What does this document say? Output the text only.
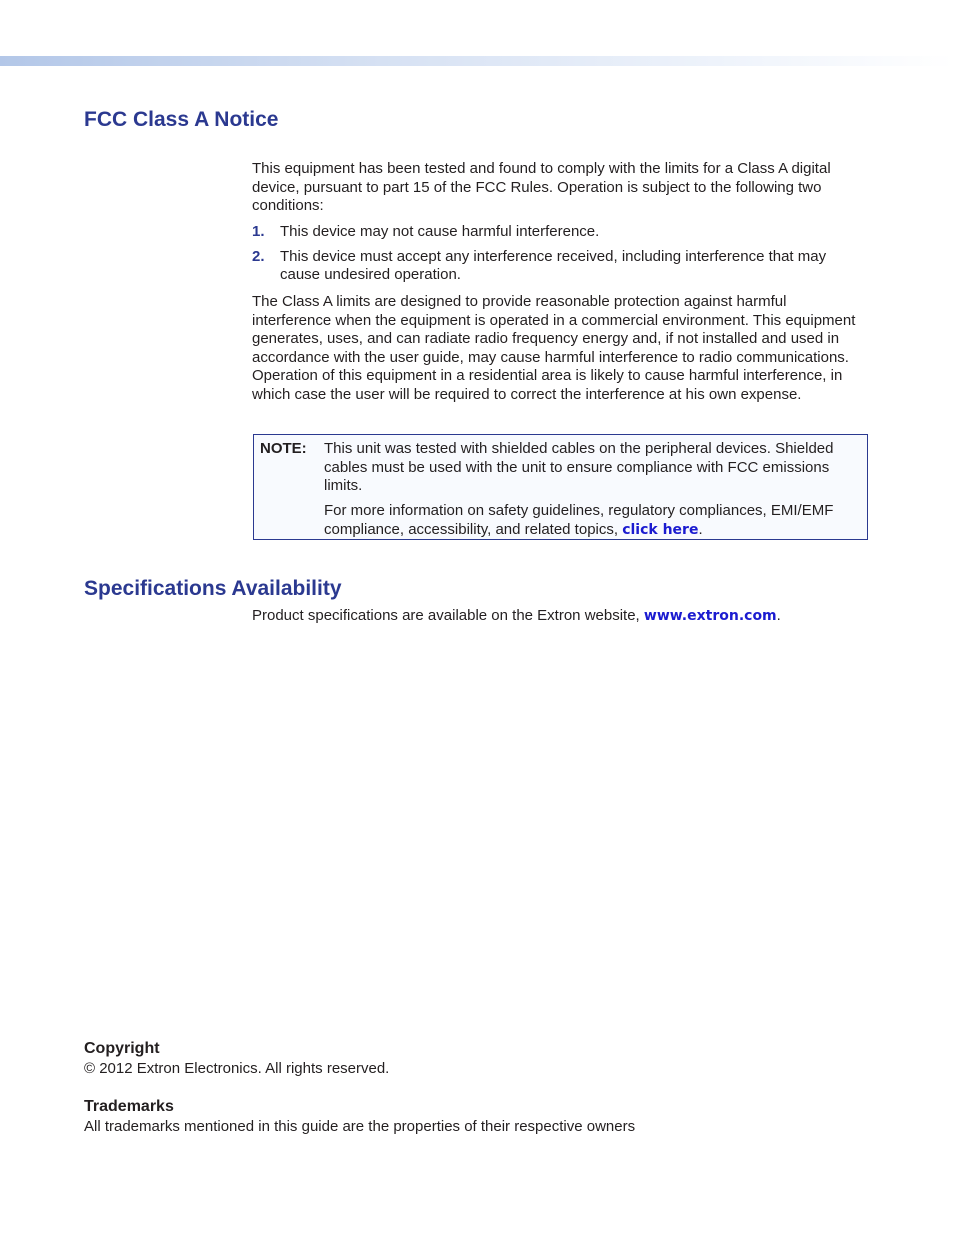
FCC Class A Notice

This equipment has been tested and found to comply with the limits for a Class A digital device, pursuant to part 15 of the FCC Rules. Operation is subject to the following two conditions:

1.	This device may not cause harmful interference.
2.	This device must accept any interference received, including interference that may cause undesired operation.

The Class A limits are designed to provide reasonable protection against harmful interference when the equipment is operated in a commercial environment. This equipment generates, uses, and can radiate radio frequency energy and, if not installed and used in accordance with the user guide, may cause harmful interference to radio communications. Operation of this equipment in a residential area is likely to cause harmful interference, in which case the user will be required to correct the interference at his own expense.

NOTE: This unit was tested with shielded cables on the peripheral devices. Shielded cables must be used with the unit to ensure compliance with FCC emissions limits.

For more information on safety guidelines, regulatory compliances, EMI/EMF compliance, accessibility, and related topics, click here.

Specifications Availability

Product specifications are available on the Extron website, www.extron.com.

Copyright

© 2012 Extron Electronics. All rights reserved.

Trademarks

All trademarks mentioned in this guide are the properties of their respective owners
